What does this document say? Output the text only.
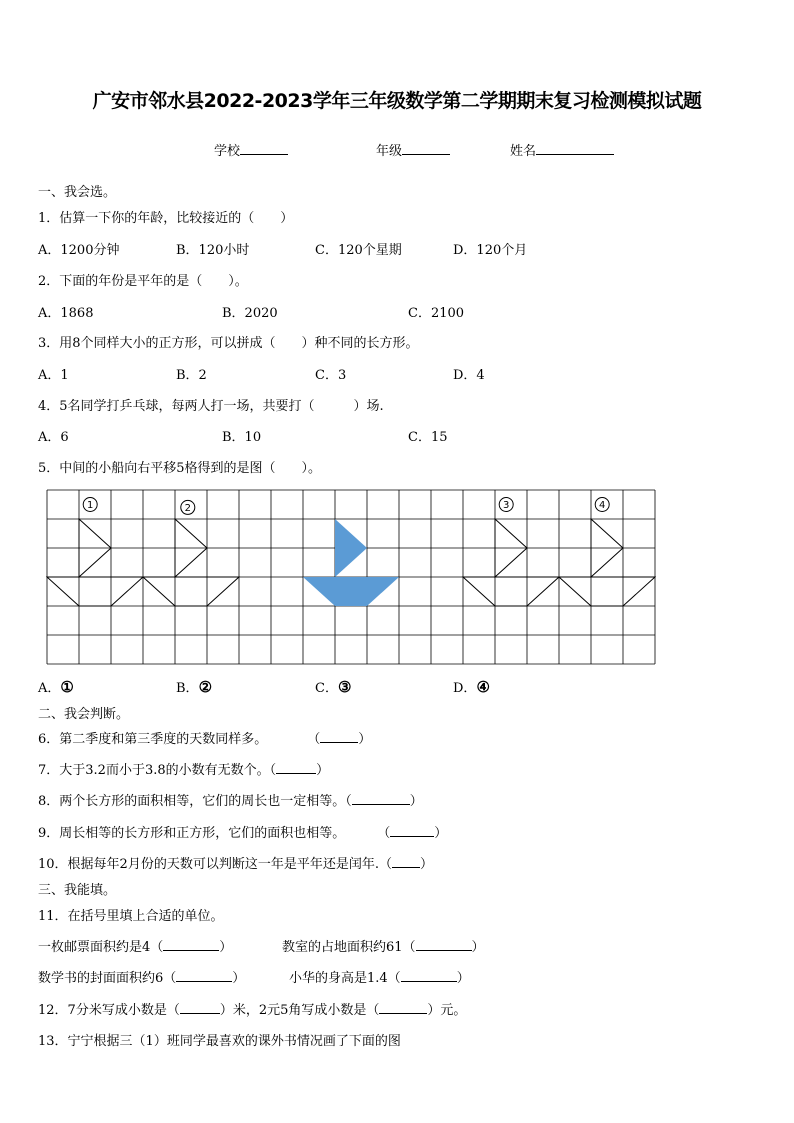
广安市邻水县2022-2023学年三年级数学第二学期期末复习检测模拟试题
学校	年级	姓名
一、我会选。
1．估算一下你的年龄，比较接近的（　　）
A．1200分钟	B．120小时	C．120个星期	D．120个月
2．下面的年份是平年的是（　　）。
A．1868	B．2020	C．2100
3．用8个同样大小的正方形，可以拼成（　　）种不同的长方形。
A．1	B．2	C．3	D．4
4．5名同学打乒乓球，每两人打一场，共要打（　　　）场.
A．6	B．10	C．15
5．中间的小船向右平移5格得到的是图（　　）。
1	2	3	4
A．①	B．②	C．③	D．④
二、我会判断。
6．第二季度和第三季度的天数同样多。	（	）
7．大于3.2而小于3.8的小数有无数个。（	）
8．两个长方形的面积相等，它们的周长也一定相等。（	）
9．周长相等的长方形和正方形，它们的面积也相等。 （	）
10．根据每年2月份的天数可以判断这一年是平年还是闰年.（ ）
三、我能填。
11．在括号里填上合适的单位。
一枚邮票面积约是4（	）	教室的占地面积约61（	）
数学书的封面面积约6（	）	小华的身高是1.4（	）
12．7分米写成小数是（	）米，2元5角写成小数是（	）元。
13．宁宁根据三（1）班同学最喜欢的课外书情况画了下面的图
